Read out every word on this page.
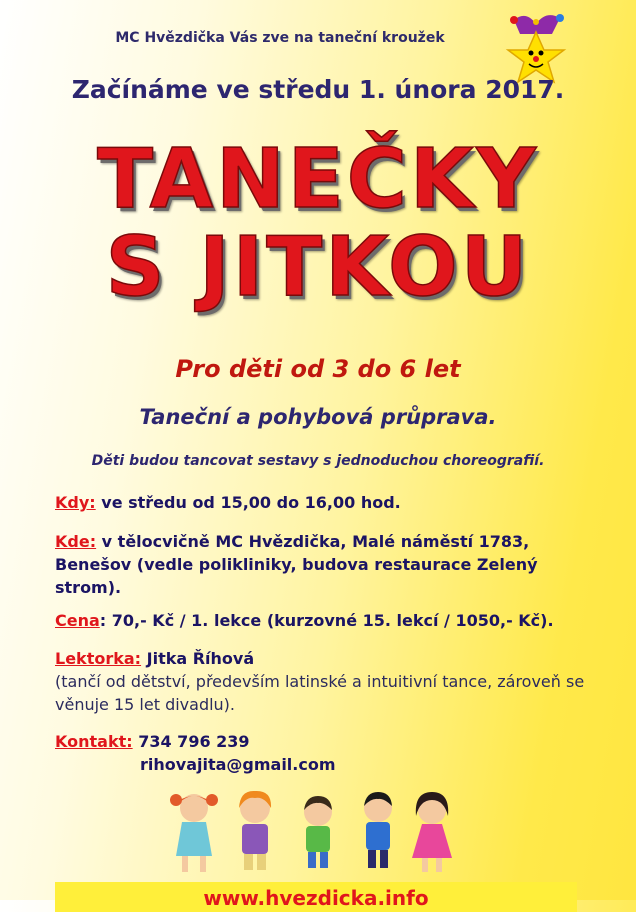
MC Hvězdička Vás zve na taneční kroužek
Začínáme ve středu 1. února 2017.
TANEČKY
S JITKOU
Pro děti od 3 do 6 let
Taneční a pohybová průprava.
Děti budou tancovat sestavy s jednoduchou choreografií.
Kdy: ve středu od 15,00 do 16,00 hod.
Kde: v tělocvičně MC Hvězdička, Malé náměstí 1783, Benešov (vedle polikliniky, budova restaurace Zelený strom).
Cena: 70,- Kč / 1. lekce (kurzovné 15. lekcí / 1050,- Kč).
Lektorka: Jitka Říhová
(tančí od dětství, především latinské a intuitivní tance, zároveň se věnuje 15 let divadlu).
Kontakt: 734 796 239
rihovajita@gmail.com
www.hvezdicka.info
